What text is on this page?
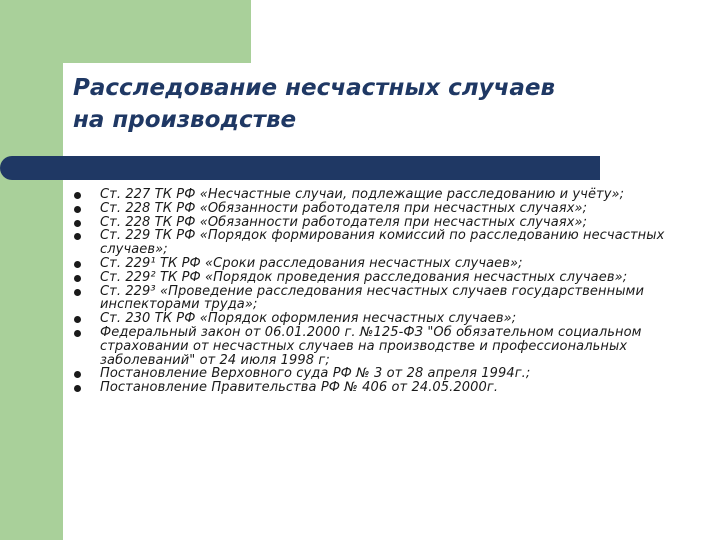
Расследование несчастных случаев
на производстве
Ст. 227 ТК РФ «Несчастные случаи, подлежащие расследованию и учёту»;
Ст. 228 ТК РФ «Обязанности работодателя при несчастных случаях»;
Ст. 228 ТК РФ «Обязанности работодателя при несчастных случаях»;
Ст. 229 ТК РФ «Порядок формирования комиссий по расследованию несчастных случаев»;
Ст. 229¹ ТК РФ «Сроки расследования несчастных случаев»;
Ст. 229² ТК РФ «Порядок проведения расследования несчастных случаев»;
Ст. 229³ «Проведение расследования несчастных случаев государственными инспекторами труда»;
Ст. 230 ТК РФ «Порядок оформления несчастных случаев»;
Федеральный закон от 06.01.2000 г. №125-ФЗ "Об обязательном социальном страховании от несчастных случаев на производстве и профессиональных заболеваний" от 24 июля 1998 г;
Постановление Верховного суда РФ № 3 от 28 апреля 1994г.;
Постановление Правительства РФ № 406 от 24.05.2000г.
